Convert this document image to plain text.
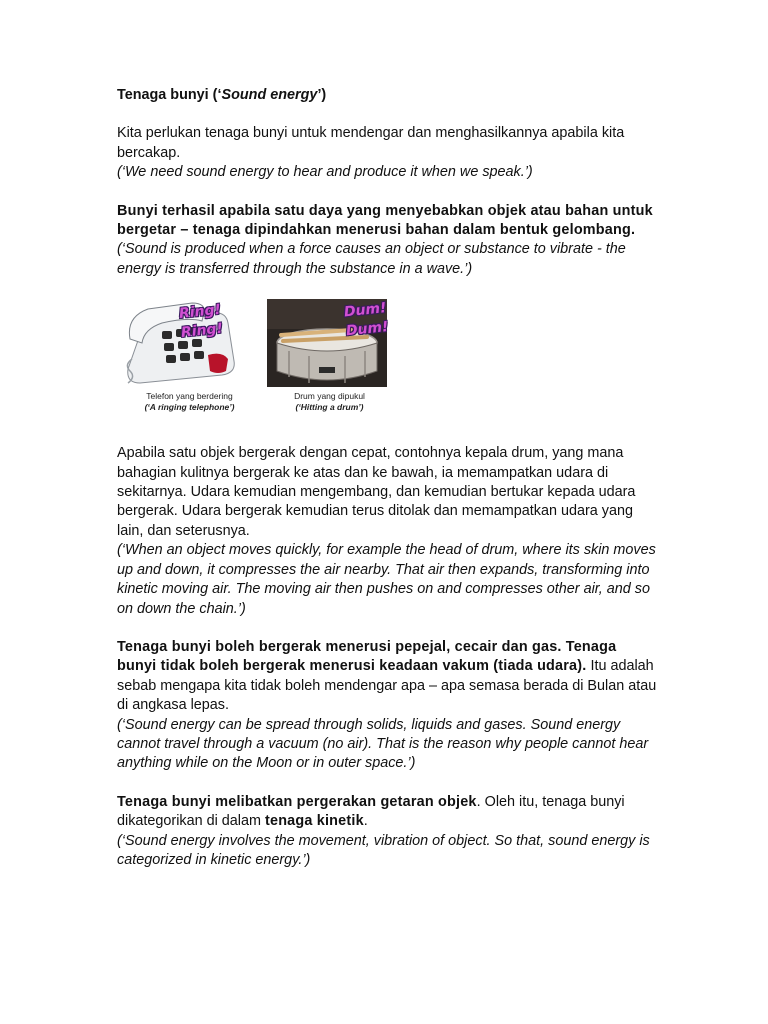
Tenaga bunyi (‘Sound energy’)

Kita perlukan tenaga bunyi untuk mendengar dan menghasilkannya apabila kita bercakap.

(‘We need sound energy to hear and produce it when we speak.’)

Bunyi terhasil apabila satu daya yang menyebabkan objek atau bahan untuk bergetar – tenaga dipindahkan menerusi bahan dalam bentuk gelombang.

(‘Sound is produced when a force causes an object or substance to vibrate - the energy is transferred through the substance in a wave.’)

Ring! Ring!
Telefon yang berdering
(‘A ringing telephone’)
Dum! Dum!
Drum yang dipukul
(‘Hitting a drum’)

Apabila satu objek bergerak dengan cepat, contohnya kepala drum, yang mana bahagian kulitnya bergerak ke atas dan ke bawah, ia memampatkan udara di sekitarnya. Udara kemudian mengembang, dan kemudian bertukar kepada udara bergerak. Udara bergerak kemudian terus ditolak dan memampatkan udara yang lain, dan seterusnya.

(‘When an object moves quickly, for example the head of drum, where its skin moves up and down, it compresses the air nearby. That air then expands, transforming into kinetic moving air. The moving air then pushes on and compresses other air, and so on down the chain.’)

Tenaga bunyi boleh bergerak menerusi pepejal, cecair dan gas. Tenaga bunyi tidak boleh bergerak menerusi keadaan vakum (tiada udara). Itu adalah sebab mengapa kita tidak boleh mendengar apa – apa semasa berada di Bulan atau di angkasa lepas.

(‘Sound energy can be spread through solids, liquids and gases. Sound energy cannot travel through a vacuum (no air). That is the reason why people cannot hear anything while on the Moon or in outer space.’)

Tenaga bunyi melibatkan pergerakan getaran objek. Oleh itu, tenaga bunyi dikategorikan di dalam tenaga kinetik.

(‘Sound energy involves the movement, vibration of object. So that, sound energy is categorized in kinetic energy.’)
